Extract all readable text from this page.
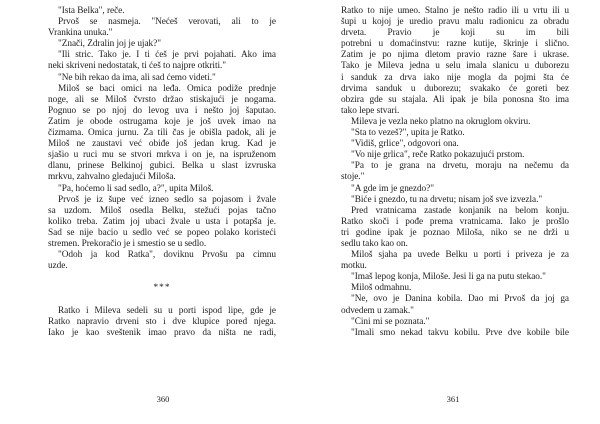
"Ista Belka", reče.
Prvoš se nasmeja. "Nećeš verovati, ali to je
Vrankina unuka."
"Znači, Ždralin joj je ujak?"
"Ili stric. Tako je. I ti ćeš je prvi pojahati. Ako ima
neki skriveni nedostatak, ti ćeš to najpre otkriti."
"Ne bih rekao da ima, ali sad ćemo videti."
Miloš se baci omici na leđa. Omica podiže prednje
noge, ali se Miloš čvrsto držao stiskajući je nogama.
Pognuo se po njoj do levog uva i nešto joj šaputao.
Zatim je obode ostrugama koje je još uvek imao na
čizmama. Omica jurnu. Za tili čas je obišla padok, ali je
Miloš ne zaustavi već obiđe još jedan krug. Kad je
sjašio u ruci mu se stvori mrkva i on je, na ispruženom
dlanu, prinese Belkinoj gubici. Belka u slast izvruska
mrkvu, zahvalno gledajući Miloša.
"Pa, hoćemo li sad sedlo, a?", upita Miloš.
Prvoš je iz šupe već izneo sedlo sa pojasom i žvale
sa uzdom. Miloš osedla Belku, stežući pojas tačno
koliko treba. Zatim joj ubaci žvale u usta i potapša je.
Sad se nije bacio u sedlo već se popeo polako koristeći
stremen. Prekoračio je i smestio se u sedlo.
"Odoh ja kod Ratka", doviknu Prvošu pa cimnu
uzde.
***
Ratko i Mileva sedeli su u porti ispod lipe, gde je
Ratko napravio drveni sto i dve klupice pored njega.
Iako je kao sveštenik imao pravo da ništa ne radi,
360
Ratko to nije umeo. Stalno je nešto radio ili u vrtu ili u
šupi u kojoj je uredio pravu malu radionicu za obradu
drveta. Pravio je koji su im bili
potrebni u domaćinstvu: razne kutije, škrinje i slično.
Zatim je po njima dletom pravio razne šare i ukrase.
Tako je Mileva jedna u selu imala slanicu u duborezu
i sanduk za drva iako nije mogla da pojmi šta će
drvima sanduk u duborezu; svakako će goreti bez
obzira gde su stajala. Ali ipak je bila ponosna što ima
tako lepe stvari.
Mileva je vezla neko platno na okruglom okviru.
"Šta to vezeš?", upita je Ratko.
"Vidiš, grlice", odgovori ona.
"Vo nije grlica", reče Ratko pokazujući prstom.
"Pa to je grana na drvetu, moraju na nečemu da
stoje."
"A gde im je gnezdo?"
"Biće i gnezdo, tu na drvetu; nisam još sve izvezla."
Pred vratnicama zastade konjanik na belom konju.
Ratko skoči i pođe prema vratnicama. Iako je prošlo
tri godine ipak je poznao Miloša, niko se ne drži u
sedlu tako kao on.
Miloš sjaha pa uvede Belku u porti i priveza je za
motku.
"Imaš lepog konja, Miloše. Jesi li ga na putu stekao."
Miloš odmahnu.
"Ne, ovo je Danina kobila. Dao mi Prvoš da joj ga
odvedem u zamak."
"Čini mi se poznata."
"Imali smo nekad takvu kobilu. Prve dve kobile bile
361
